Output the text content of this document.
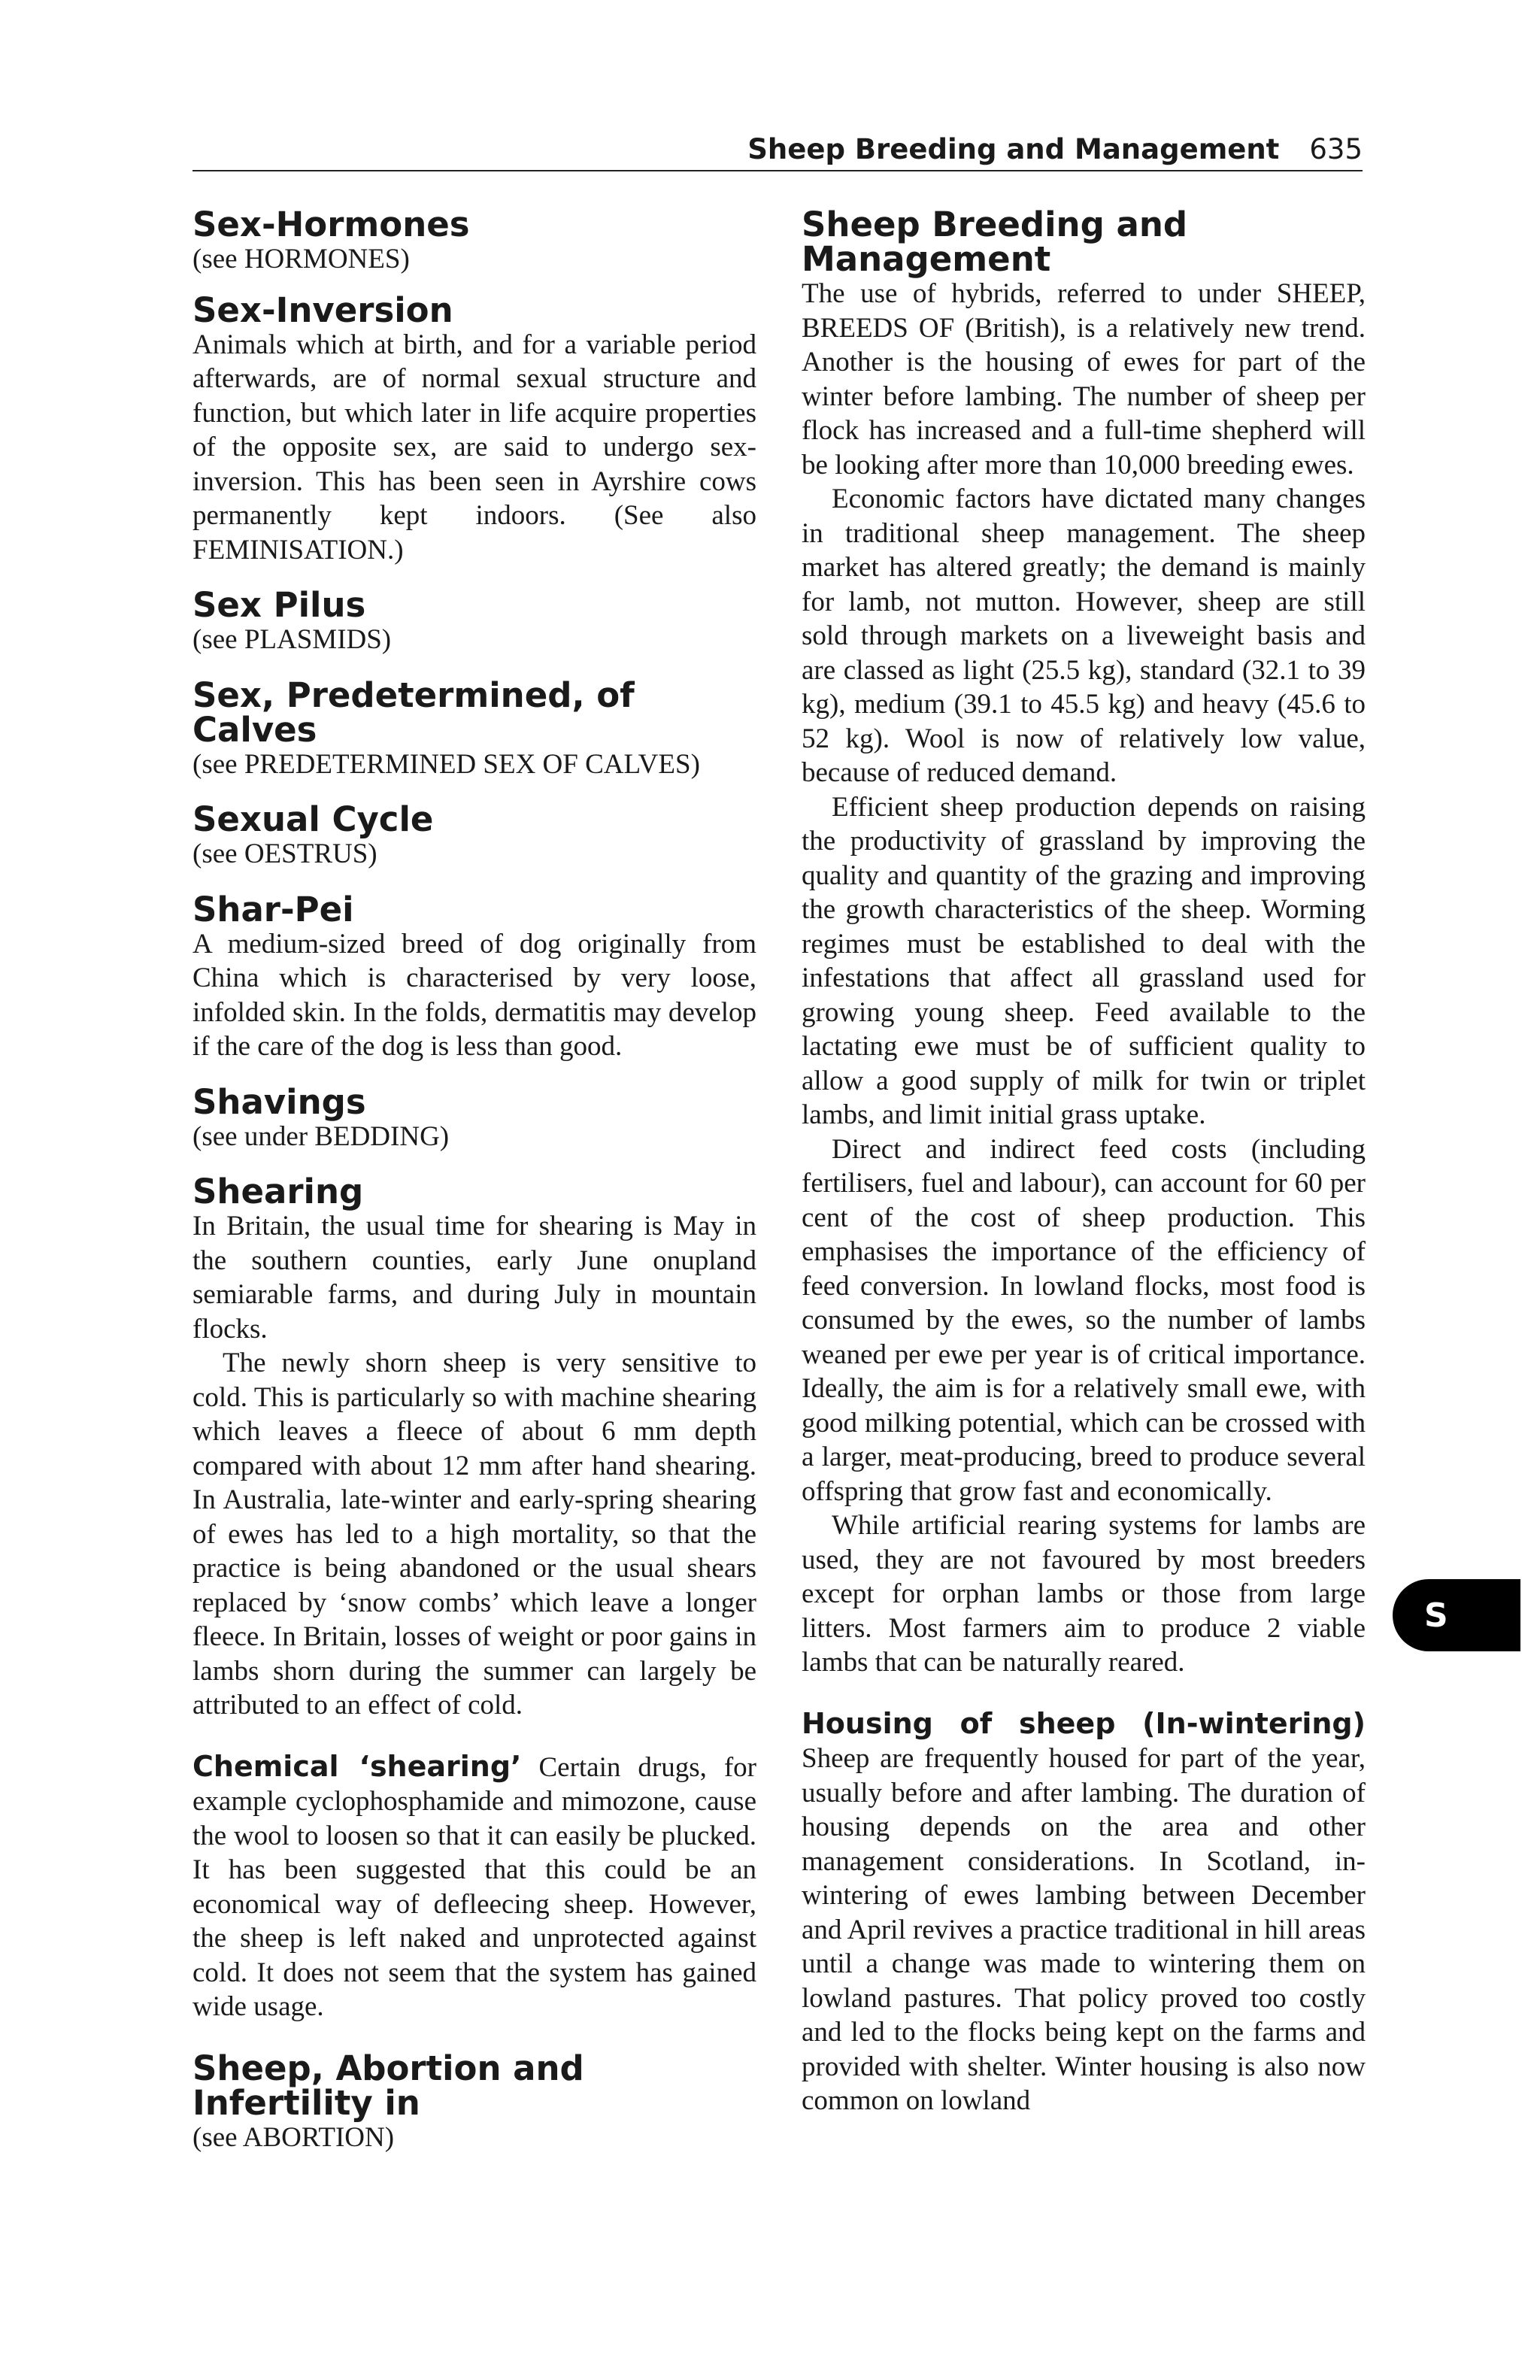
Sheep Breeding and Management 635
Sex-Hormones

(see HORMONES)

Sex-Inversion

Animals which at birth, and for a variable period afterwards, are of normal sexual structure and function, but which later in life acquire properties of the opposite sex, are said to undergo sex-inversion. This has been seen in Ayrshire cows permanently kept indoors. (See also FEMINISATION.)

Sex Pilus

(see PLASMIDS)

Sex, Predetermined, of Calves

(see PREDETERMINED SEX OF CALVES)

Sexual Cycle

(see OESTRUS)

Shar-Pei

A medium-sized breed of dog originally from China which is characterised by very loose, infolded skin. In the folds, dermatitis may develop if the care of the dog is less than good.

Shavings

(see under BEDDING)

Shearing

In Britain, the usual time for shearing is May in the southern counties, early June onupland semiarable farms, and during July in mountain flocks.

The newly shorn sheep is very sensitive to cold. This is particularly so with machine shearing which leaves a fleece of about 6 mm depth compared with about 12 mm after hand shearing. In Australia, late-winter and early-spring shearing of ewes has led to a high mortality, so that the practice is being abandoned or the usual shears replaced by ‘snow combs’ which leave a longer fleece. In Britain, losses of weight or poor gains in lambs shorn during the summer can largely be attributed to an effect of cold.

Chemical ‘shearing’ Certain drugs, for example cyclophosphamide and mimozone, cause the wool to loosen so that it can easily be plucked. It has been suggested that this could be an economical way of defleecing sheep. However, the sheep is left naked and unprotected against cold. It does not seem that the system has gained wide usage.

Sheep, Abortion and Infertility in

(see ABORTION)

Sheep Breeding and Management

The use of hybrids, referred to under SHEEP, BREEDS OF (British), is a relatively new trend. Another is the housing of ewes for part of the winter before lambing. The number of sheep per flock has increased and a full-time shepherd will be looking after more than 10,000 breeding ewes.

Economic factors have dictated many changes in traditional sheep management. The sheep market has altered greatly; the demand is mainly for lamb, not mutton. However, sheep are still sold through markets on a liveweight basis and are classed as light (25.5 kg), standard (32.1 to 39 kg), medium (39.1 to 45.5 kg) and heavy (45.6 to 52 kg). Wool is now of relatively low value, because of reduced demand.

Efficient sheep production depends on raising the productivity of grassland by improving the quality and quantity of the grazing and improving the growth characteristics of the sheep. Worming regimes must be established to deal with the infestations that affect all grassland used for growing young sheep. Feed available to the lactating ewe must be of sufficient quality to allow a good supply of milk for twin or triplet lambs, and limit initial grass uptake.

Direct and indirect feed costs (including fertilisers, fuel and labour), can account for 60 per cent of the cost of sheep production. This emphasises the importance of the efficiency of feed conversion. In lowland flocks, most food is consumed by the ewes, so the number of lambs weaned per ewe per year is of critical importance. Ideally, the aim is for a relatively small ewe, with good milking potential, which can be crossed with a larger, meat-producing, breed to produce several offspring that grow fast and economically.

While artificial rearing systems for lambs are used, they are not favoured by most breeders except for orphan lambs or those from large litters. Most farmers aim to produce 2 viable lambs that can be naturally reared.

Housing of sheep (In-wintering) Sheep are frequently housed for part of the year, usually before and after lambing. The duration of housing depends on the area and other management considerations. In Scotland, in-wintering of ewes lambing between December and April revives a practice traditional in hill areas until a change was made to wintering them on lowland pastures. That policy proved too costly and led to the flocks being kept on the farms and provided with shelter. Winter housing is also now common on lowland

S
